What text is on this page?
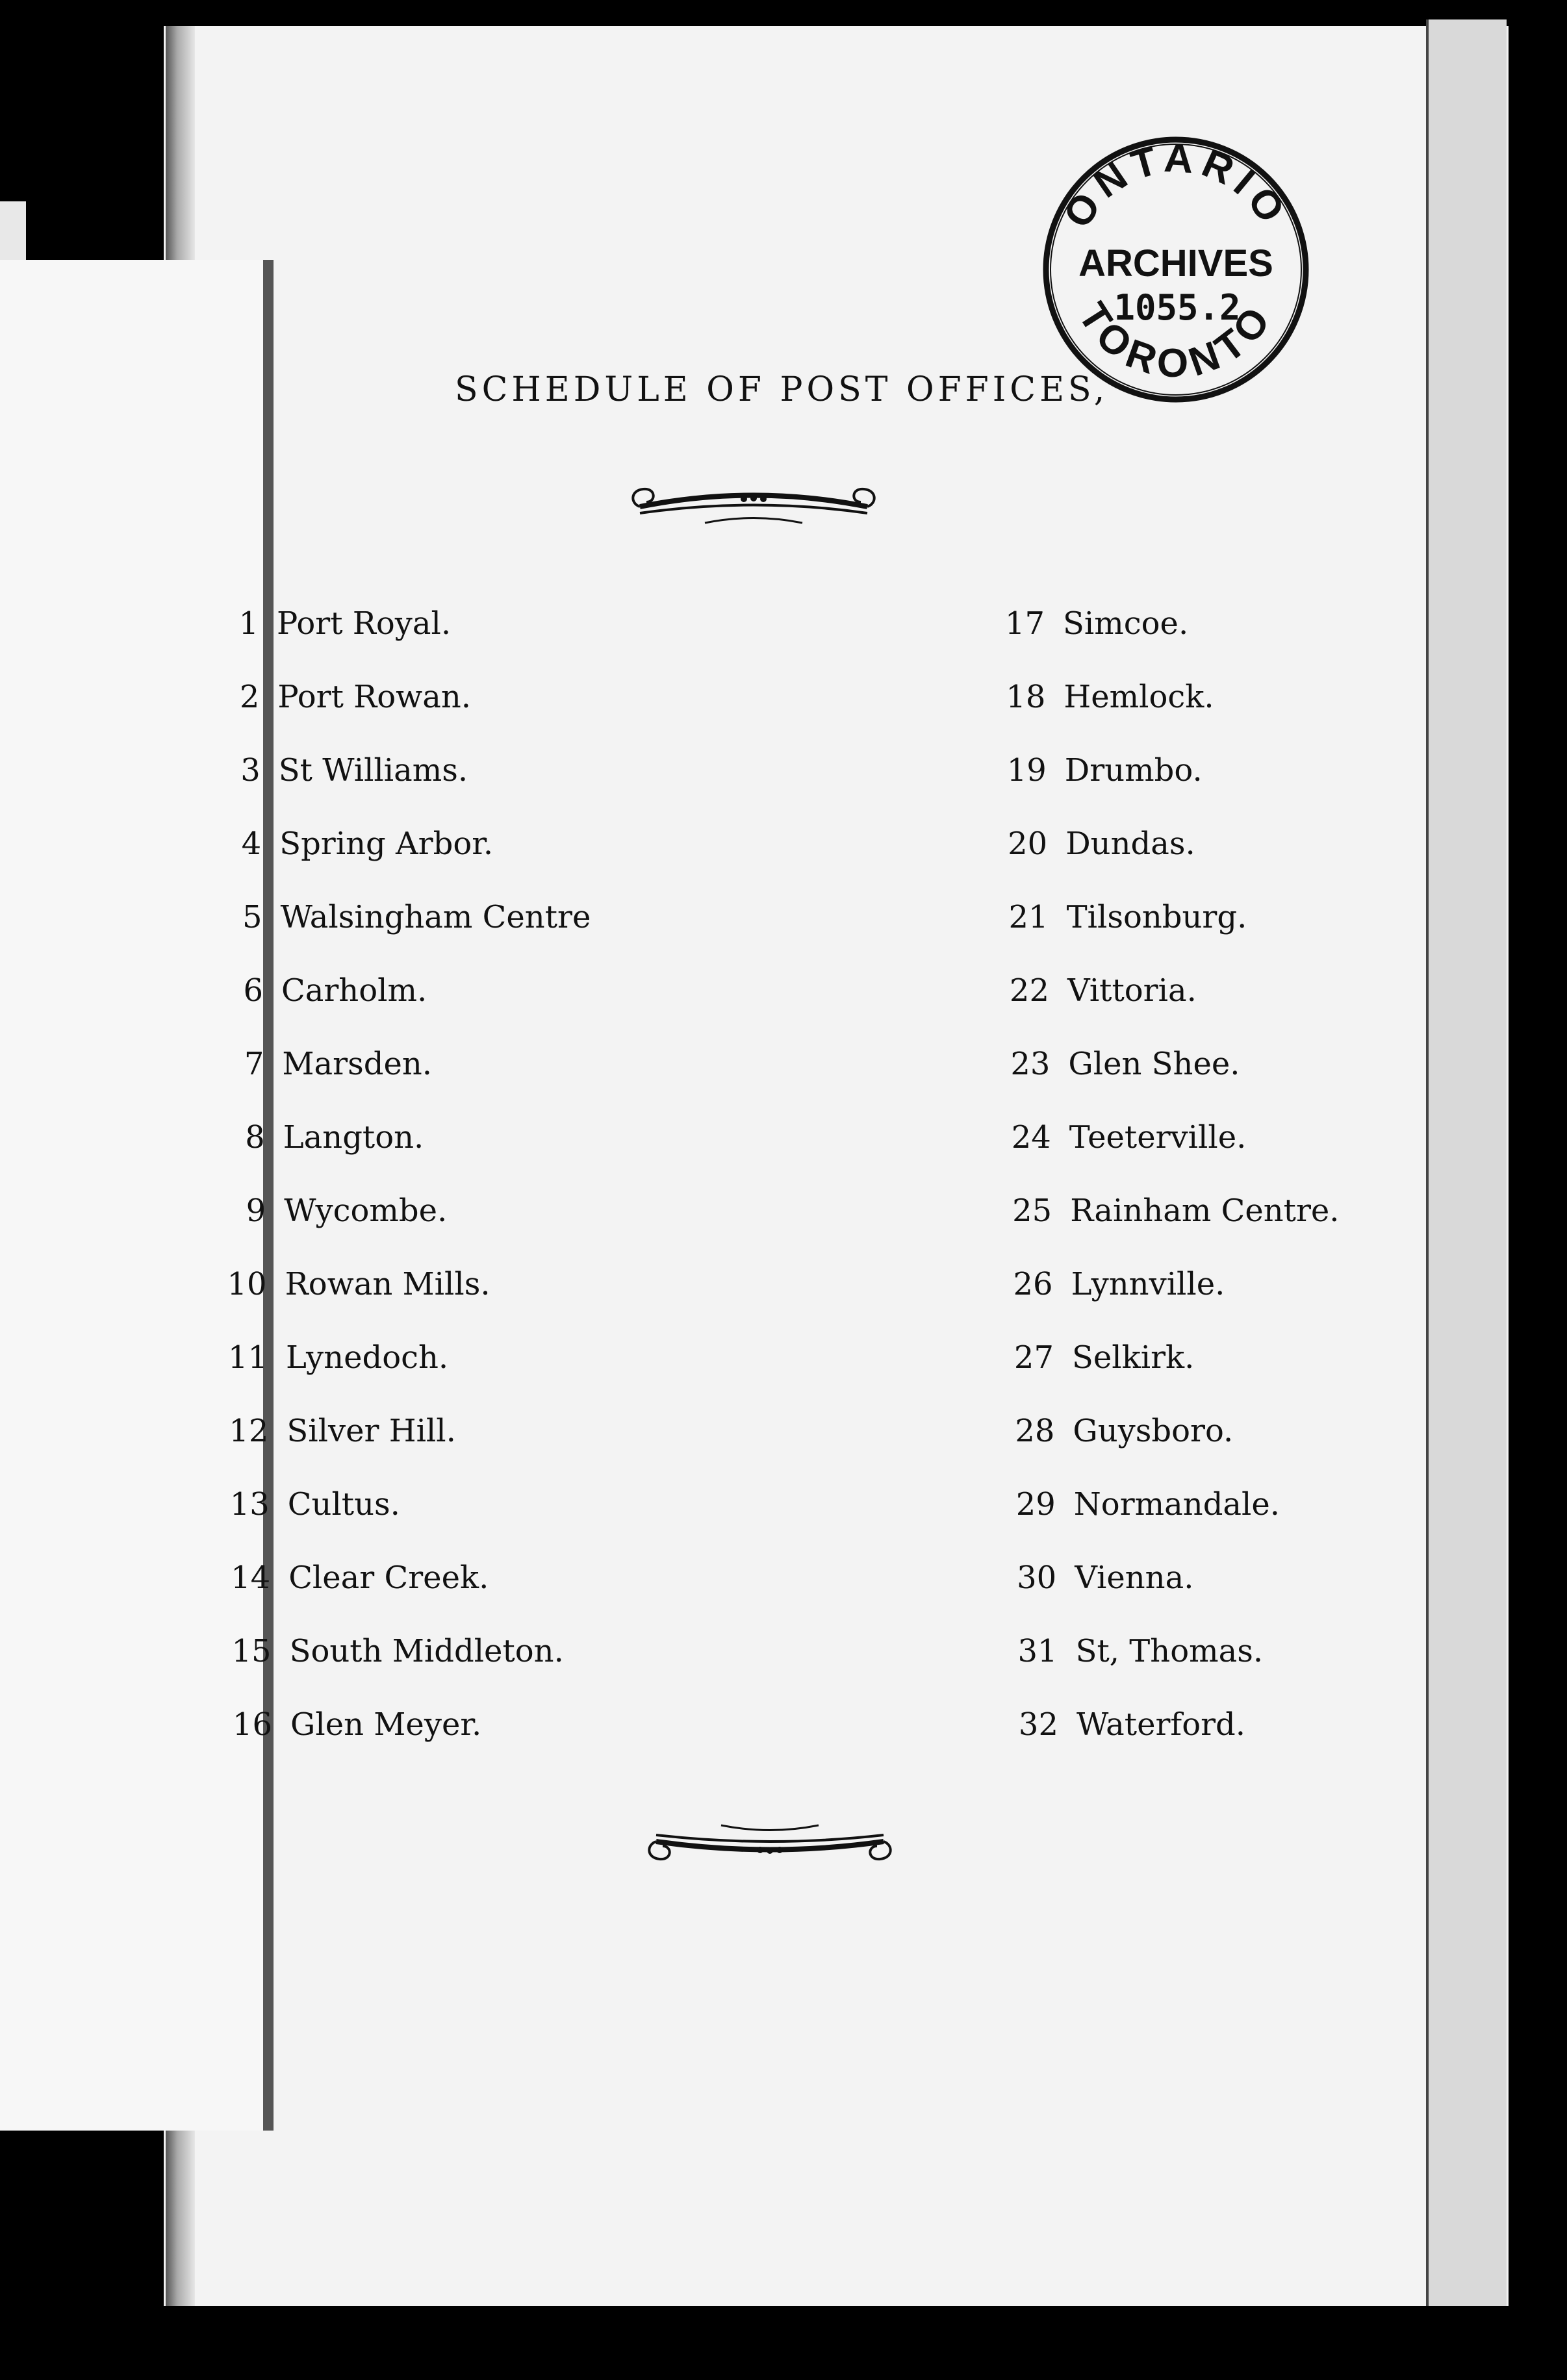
ONTARIO
ARCHIVES
1055.2
TORONTO
SCHEDULE OF POST OFFICES,
1 Port Royal.
2 Port Rowan.
3 St Williams.
4 Spring Arbor.
5 Walsingham Centre
6 Carholm.
7 Marsden.
8 Langton.
9 Wycombe.
10 Rowan Mills.
11 Lynedoch.
12 Silver Hill.
13 Cultus.
14 Clear Creek.
15 South Middleton.
16 Glen Meyer.
17 Simcoe.
18 Hemlock.
19 Drumbo.
20 Dundas.
21 Tilsonburg.
22 Vittoria.
23 Glen Shee.
24 Teeterville.
25 Rainham Centre.
26 Lynnville.
27 Selkirk.
28 Guysboro.
29 Normandale.
30 Vienna.
31 St, Thomas.
32 Waterford.
